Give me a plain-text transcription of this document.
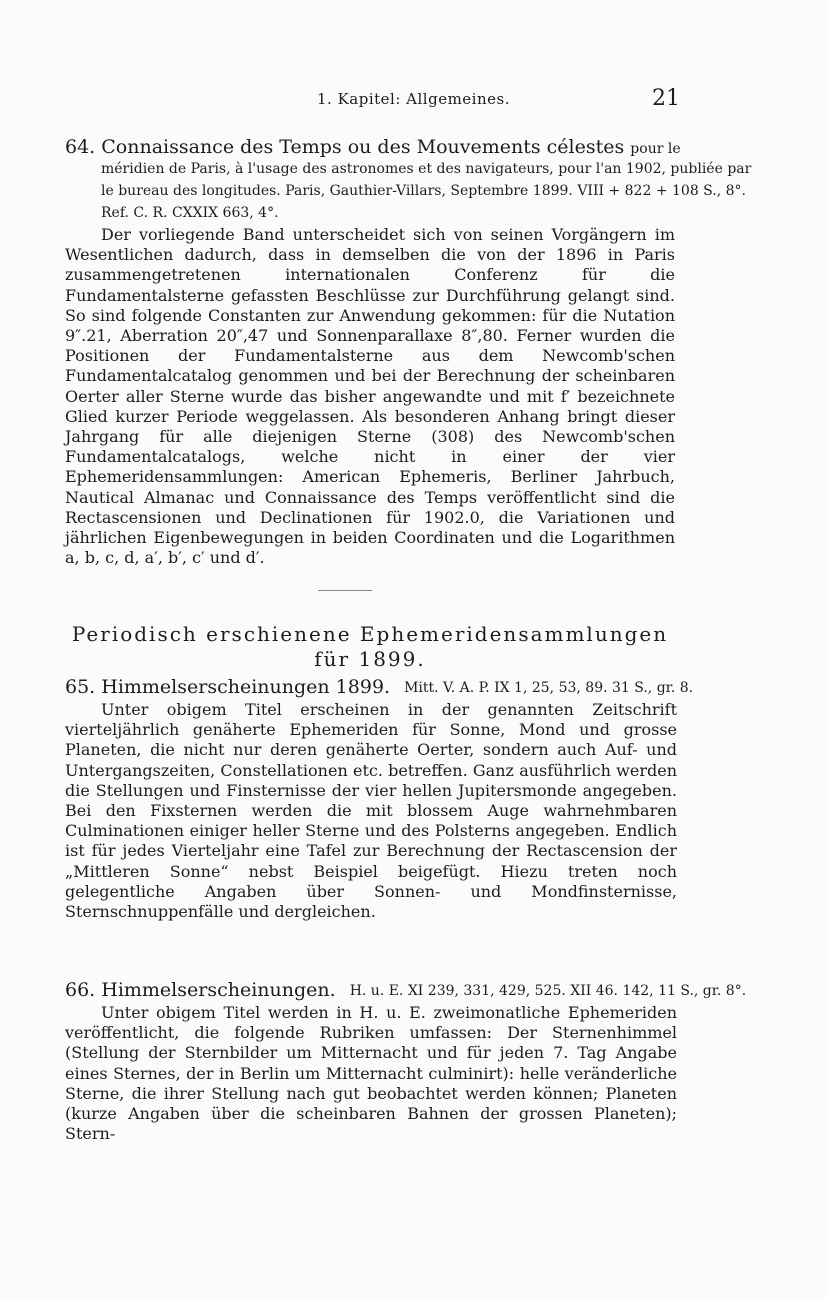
1. Kapitel: Allgemeines.	21
64. Connaissance des Temps ou des Mouvements célestes pour le
méridien de Paris, à l'usage des astronomes et des navigateurs, pour l'an 1902, publiée par le bureau des longitudes. Paris, Gauthier-Villars, Septembre 1899. VIII + 822 + 108 S., 8°. Ref. C. R. CXXIX 663, 4°.
Der vorliegende Band unterscheidet sich von seinen Vorgängern im Wesentlichen dadurch, dass in demselben die von der 1896 in Paris zusammengetretenen internationalen Conferenz für die Fundamentalsterne gefassten Beschlüsse zur Durchführung gelangt sind. So sind folgende Constanten zur Anwendung gekommen: für die Nutation 9″.21, Aberration 20″,47 und Sonnenparallaxe 8″,80. Ferner wurden die Positionen der Fundamentalsterne aus dem Newcomb'schen Fundamentalcatalog genommen und bei der Berechnung der scheinbaren Oerter aller Sterne wurde das bisher angewandte und mit f′ bezeichnete Glied kurzer Periode weggelassen. Als besonderen Anhang bringt dieser Jahrgang für alle diejenigen Sterne (308) des Newcomb'schen Fundamentalcatalogs, welche nicht in einer der vier Ephemeridensammlungen: American Ephemeris, Berliner Jahrbuch, Nautical Almanac und Connaissance des Temps veröffentlicht sind die Rectascensionen und Declinationen für 1902.0, die Variationen und jährlichen Eigenbewegungen in beiden Coordinaten und die Logarithmen a, b, c, d, a′, b′, c′ und d′.
Periodisch erschienene Ephemeridensammlungen
für 1899.
65. Himmelserscheinungen 1899.	Mitt. V. A. P. IX 1, 25, 53, 89. 31 S., gr. 8.
Unter obigem Titel erscheinen in der genannten Zeitschrift vierteljährlich genäherte Ephemeriden für Sonne, Mond und grosse Planeten, die nicht nur deren genäherte Oerter, sondern auch Auf- und Untergangszeiten, Constellationen etc. betreffen. Ganz ausführlich werden die Stellungen und Finsternisse der vier hellen Jupitersmonde angegeben. Bei den Fixsternen werden die mit blossem Auge wahrnehmbaren Culminationen einiger heller Sterne und des Polsterns angegeben. Endlich ist für jedes Vierteljahr eine Tafel zur Berechnung der Rectascension der „Mittleren Sonne“ nebst Beispiel beigefügt. Hiezu treten noch gelegentliche Angaben über Sonnen- und Mondfinsternisse, Sternschnuppenfälle und dergleichen.
66. Himmelserscheinungen.	H. u. E. XI 239, 331, 429, 525. XII 46. 142, 11 S., gr. 8°.
Unter obigem Titel werden in H. u. E. zweimonatliche Ephemeriden veröffentlicht, die folgende Rubriken umfassen: Der Sternenhimmel (Stellung der Sternbilder um Mitternacht und für jeden 7. Tag Angabe eines Sternes, der in Berlin um Mitternacht culminirt): helle veränderliche Sterne, die ihrer Stellung nach gut beobachtet werden können; Planeten (kurze Angaben über die scheinbaren Bahnen der grossen Planeten); Stern-
